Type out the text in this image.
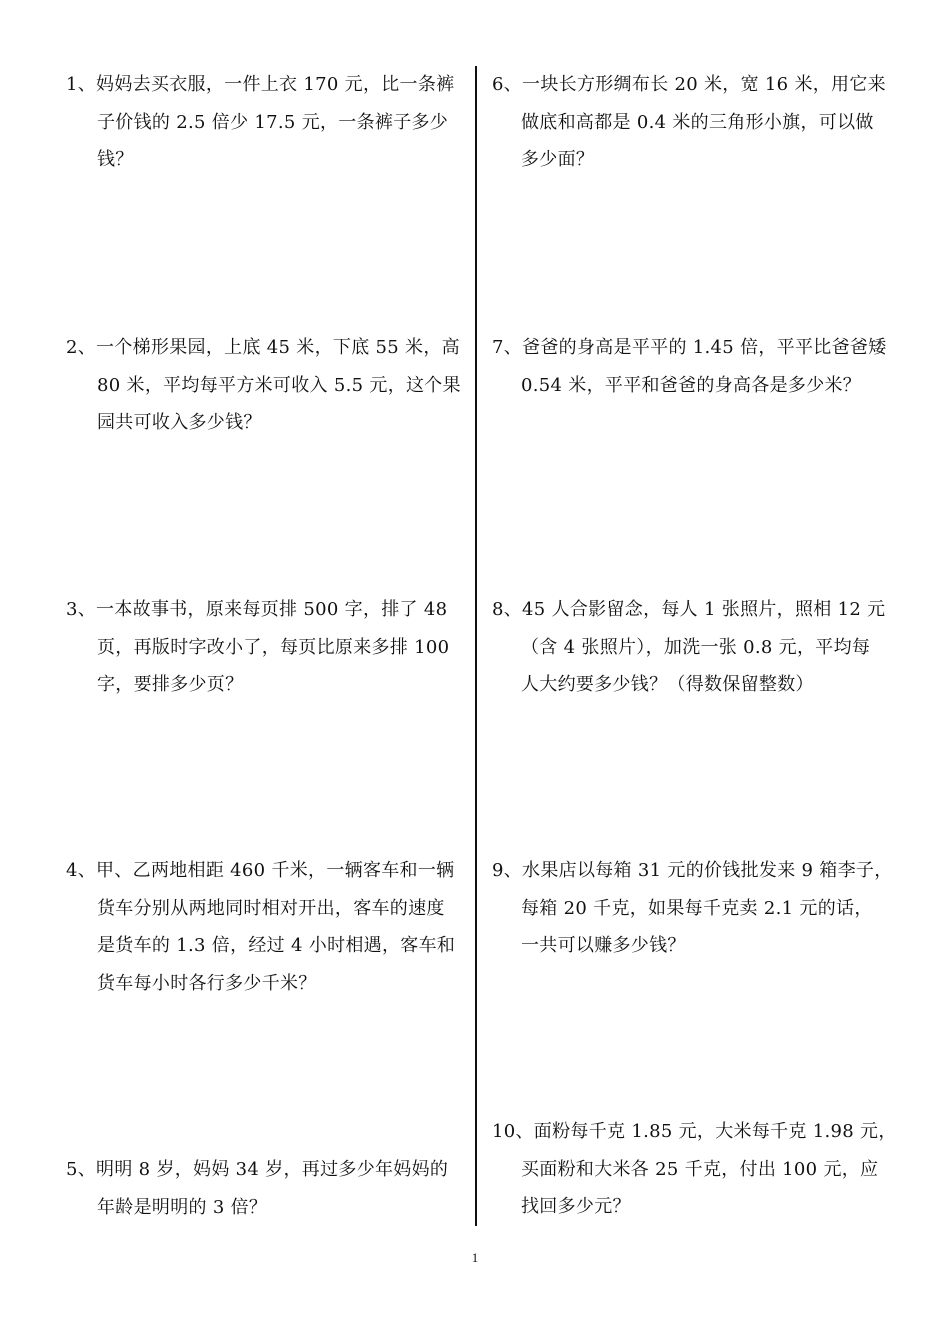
1、妈妈去买衣服，一件上衣 170 元，比一条裤
子价钱的 2.5 倍少 17.5 元，一条裤子多少钱？
2、一个梯形果园，上底 45 米，下底 55 米，高
80 米，平均每平方米可收入 5.5 元，这个果园共可收入多少钱？
3、一本故事书，原来每页排 500 字，排了 48
页，再版时字改小了，每页比原来多排 100 字，要排多少页？
4、甲、乙两地相距 460 千米，一辆客车和一辆
货车分别从两地同时相对开出，客车的速度是货车的 1.3 倍，经过 4 小时相遇，客车和货车每小时各行多少千米？
5、明明 8 岁，妈妈 34 岁，再过多少年妈妈的
年龄是明明的 3 倍？
6、一块长方形绸布长 20 米，宽 16 米，用它来
做底和高都是 0.4 米的三角形小旗，可以做多少面？
7、爸爸的身高是平平的 1.45 倍，平平比爸爸矮
0.54 米，平平和爸爸的身高各是多少米？
8、45 人合影留念，每人 1 张照片，照相 12 元
（含 4 张照片），加洗一张 0.8 元，平均每人大约要多少钱？（得数保留整数）
9、水果店以每箱 31 元的价钱批发来 9 箱李子，
每箱 20 千克，如果每千克卖 2.1 元的话，一共可以赚多少钱？
10、面粉每千克 1.85 元，大米每千克 1.98 元，
买面粉和大米各 25 千克，付出 100 元，应找回多少元？
1
